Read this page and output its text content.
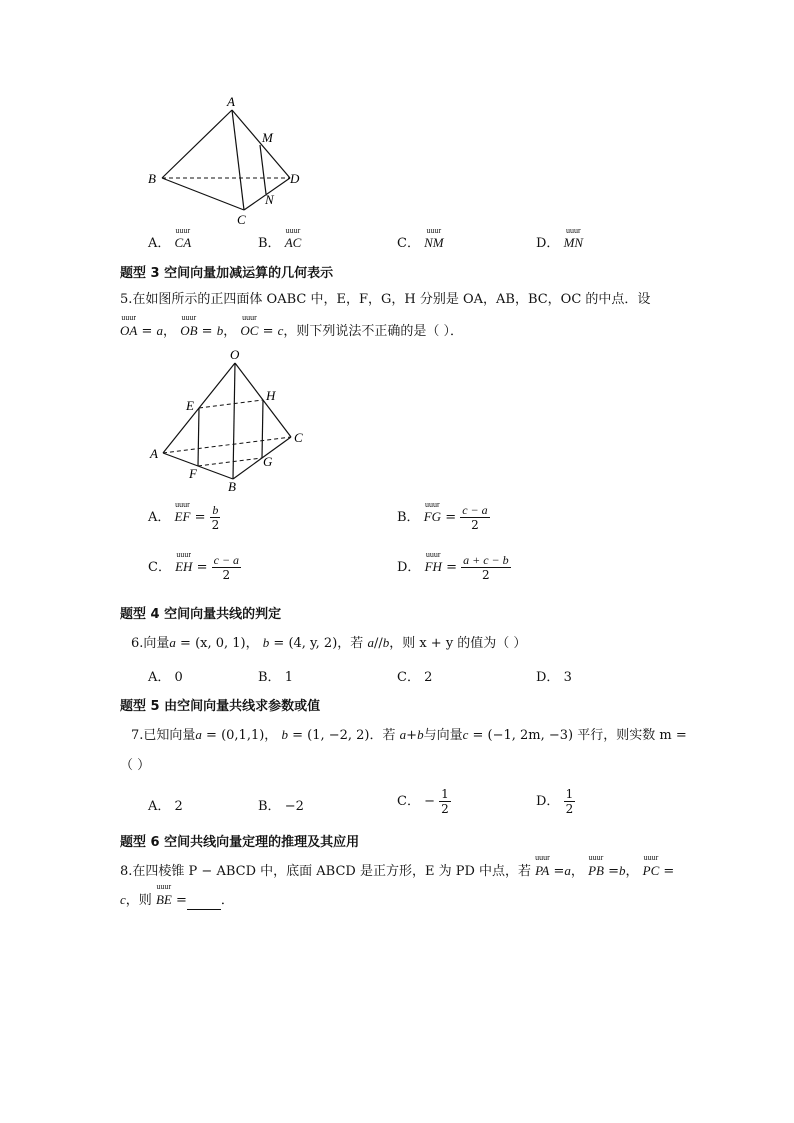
A
B
C
D
M
N
A．
uuur
CA	B．
uuur
AC	C．
uuur
NM	D．
uuur
MN
题型 3 空间向量加减运算的几何表示
5.在如图所示的正四面体 OABC 中，E，F，G，H 分别是 OA，AB，BC，OC 的中点．设
uuur
OA = a，
uuur
OB = b，
uuur
OC = c，则下列说法不正确的是（ ）．
O
E
H
C
A
F
G
B
A．
uuur
EF = $\frac{b}{2}$	B．
uuur
FG = $\frac{c - a}{2}$
C．
uuur
EH = $\frac{c - a}{2}$	D．
uuur
FH = $\frac{a + c - b}{2}$
题型 4 空间向量共线的判定
6.向量a = (x, 0, 1)， b = (4, y, 2)，若 a//b，则 x + y 的值为（ ）
A． 0	B． 1	C． 2	D． 3
题型 5 由空间向量共线求参数或值
7.已知向量a = (0,1,1)， b = (1, −2, 2)．若 a+b与向量c = (−1, 2m, −3) 平行，则实数 m =
（ ）
A． 2	B． −2	C． − $\frac{1}{2}$	D． $\frac{1}{2}$
题型 6 空间共线向量定理的推理及其应用
8.在四棱锥 P − ABCD 中，底面 ABCD 是正方形，E 为 PD 中点，若
uuur
PA =a，
uuur
PB =b，
uuur
PC =
c，则
uuur
BE =	．
